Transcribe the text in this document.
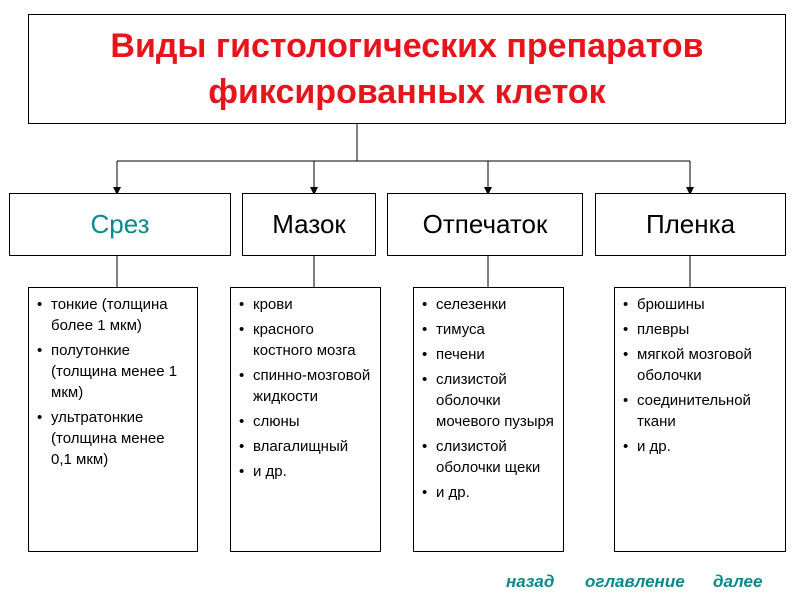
Виды гистологических препаратов
фиксированных клеток
Срез	Мазок	Отпечаток	Пленка
• тонкие (толщина более 1 мкм)
• полутонкие (толщина менее 1 мкм)
• ультратонкие (толщина менее 0,1 мкм)
• крови
• красного костного мозга
• спинно-мозговой жидкости
• слюны
• влагалищный
• и др.
• селезенки
• тимуса
• печени
• слизистой оболочки мочевого пузыря
• слизистой оболочки щеки
• и др.
• брюшины
• плевры
• мягкой мозговой оболочки
• соединительной ткани
• и др.
назад оглавление далее
